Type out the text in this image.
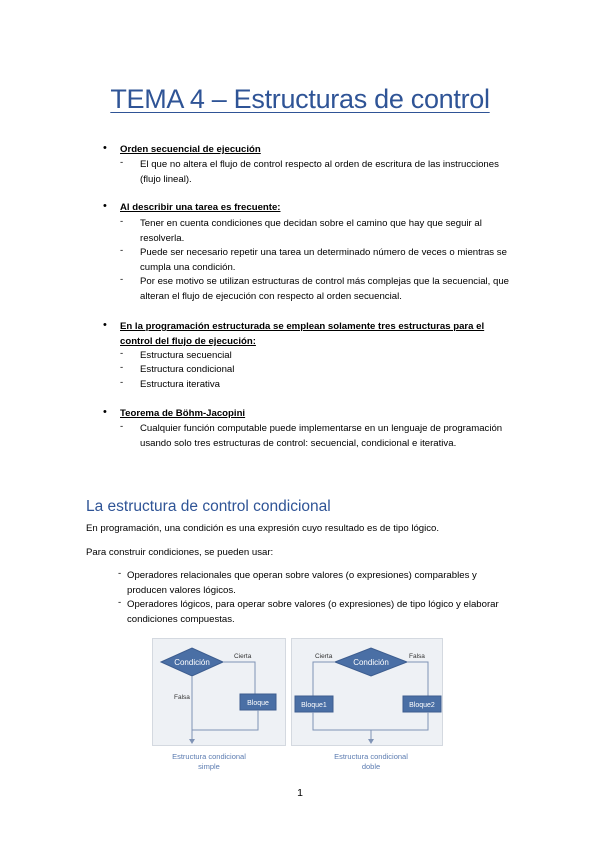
TEMA 4 – Estructuras de control
• Orden secuencial de ejecución
- El que no altera el flujo de control respecto al orden de escritura de las instrucciones (flujo lineal).
• Al describir una tarea es frecuente:
- Tener en cuenta condiciones que decidan sobre el camino que hay que seguir al resolverla.
- Puede ser necesario repetir una tarea un determinado número de veces o mientras se cumpla una condición.
- Por ese motivo se utilizan estructuras de control más complejas que la secuencial, que alteran el flujo de ejecución con respecto al orden secuencial.
• En la programación estructurada se emplean solamente tres estructuras para el control del flujo de ejecución:
- Estructura secuencial
- Estructura condicional
- Estructura iterativa
• Teorema de Böhm-Jacopini
- Cualquier función computable puede implementarse en un lenguaje de programación usando solo tres estructuras de control: secuencial, condicional e iterativa.
La estructura de control condicional
En programación, una condición es una expresión cuyo resultado es de tipo lógico.
Para construir condiciones, se pueden usar:
- Operadores relacionales que operan sobre valores (o expresiones) comparables y producen valores lógicos.
- Operadores lógicos, para operar sobre valores (o expresiones) de tipo lógico y elaborar condiciones compuestas.
Condición
Cierta
Bloque
Falsa
Estructura condicional
simple
Condición
Cierta	Falsa
Bloque1	Bloque2
Estructura condicional
doble
1
